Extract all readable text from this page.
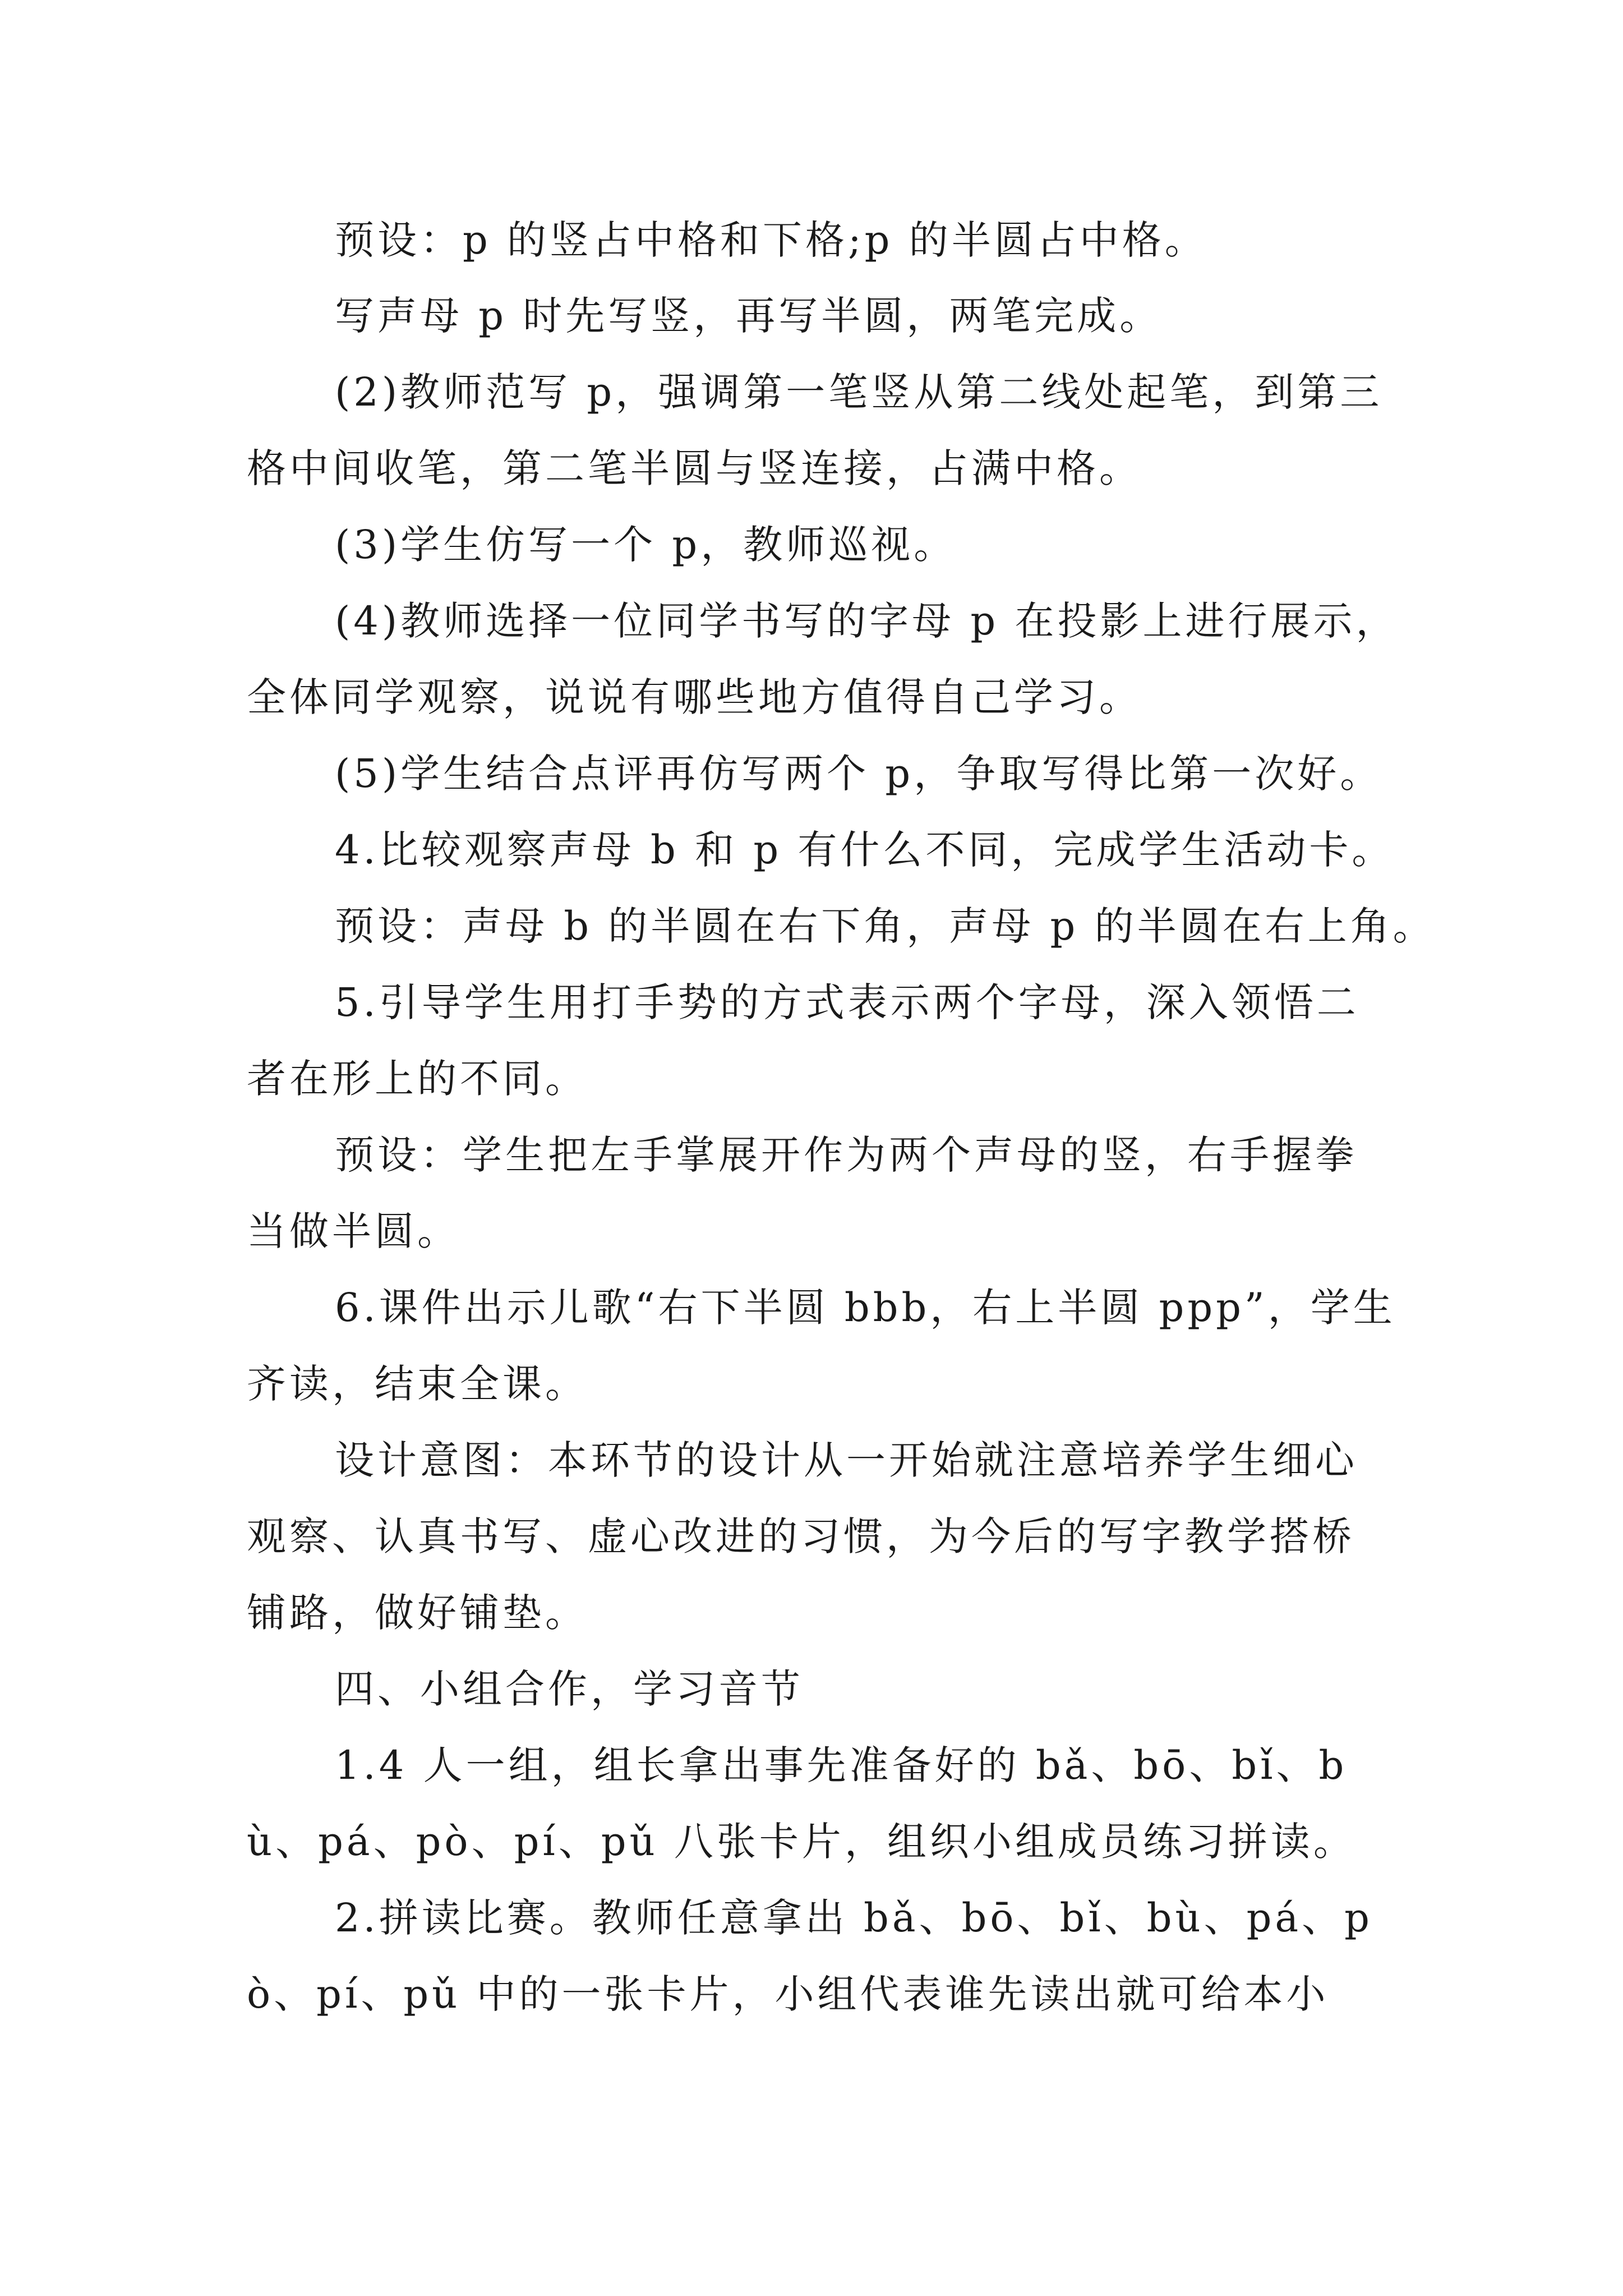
预设：p 的竖占中格和下格;p 的半圆占中格。
写声母 p 时先写竖，再写半圆，两笔完成。
(2)教师范写 p，强调第一笔竖从第二线处起笔，到第三
格中间收笔，第二笔半圆与竖连接，占满中格。
(3)学生仿写一个 p，教师巡视。
(4)教师选择一位同学书写的字母 p 在投影上进行展示，
全体同学观察，说说有哪些地方值得自己学习。
(5)学生结合点评再仿写两个 p，争取写得比第一次好。
4.比较观察声母 b 和 p 有什么不同，完成学生活动卡。
预设：声母 b 的半圆在右下角，声母 p 的半圆在右上角。
5.引导学生用打手势的方式表示两个字母，深入领悟二
者在形上的不同。
预设：学生把左手掌展开作为两个声母的竖，右手握拳
当做半圆。
6.课件出示儿歌“右下半圆 bbb，右上半圆 ppp”，学生
齐读，结束全课。
设计意图：本环节的设计从一开始就注意培养学生细心
观察、认真书写、虚心改进的习惯，为今后的写字教学搭桥
铺路，做好铺垫。
四、小组合作，学习音节
1.4 人一组，组长拿出事先准备好的 bǎ、bō、bǐ、b
ù、pá、pò、pí、pǔ 八张卡片，组织小组成员练习拼读。
2.拼读比赛。教师任意拿出 bǎ、bō、bǐ、bù、pá、p
ò、pí、pǔ 中的一张卡片，小组代表谁先读出就可给本小
